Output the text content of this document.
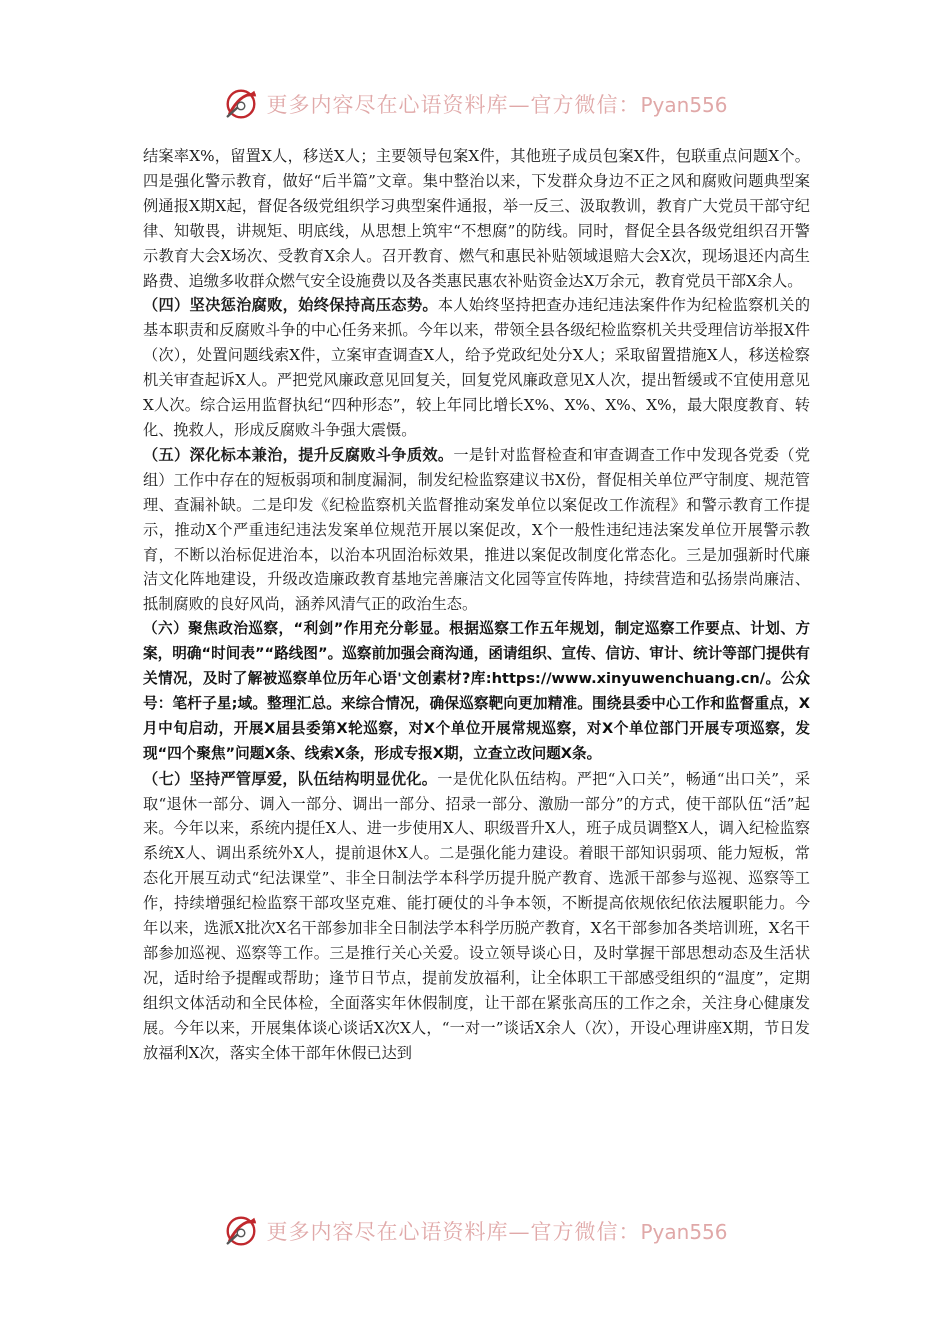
更多内容尽在心语资料库—官方微信：Pyan556

结案率X%，留置X人，移送X人；主要领导包案X件，其他班子成员包案X件，包联重点问题X个。四是强化警示教育，做好“后半篇”文章。集中整治以来，下发群众身边不正之风和腐败问题典型案例通报X期X起，督促各级党组织学习典型案件通报，举一反三、汲取教训，教育广大党员干部守纪律、知敬畏，讲规矩、明底线，从思想上筑牢“不想腐”的防线。同时，督促全县各级党组织召开警示教育大会X场次、受教育X余人。召开教育、燃气和惠民补贴领域退赔大会X次，现场退还内高生路费、追缴多收群众燃气安全设施费以及各类惠民惠农补贴资金达X万余元，教育党员干部X余人。

（四）坚决惩治腐败，始终保持高压态势。本人始终坚持把查办违纪违法案件作为纪检监察机关的基本职责和反腐败斗争的中心任务来抓。今年以来，带领全县各级纪检监察机关共受理信访举报X件（次），处置问题线索X件，立案审查调查X人，给予党政纪处分X人；采取留置措施X人，移送检察机关审查起诉X人。严把党风廉政意见回复关，回复党风廉政意见X人次，提出暂缓或不宜使用意见X人次。综合运用监督执纪“四种形态”，较上年同比增长X%、X%、X%、X%，最大限度教育、转化、挽救人，形成反腐败斗争强大震慑。

（五）深化标本兼治，提升反腐败斗争质效。一是针对监督检查和审查调查工作中发现各党委（党组）工作中存在的短板弱项和制度漏洞，制发纪检监察建议书X份，督促相关单位严守制度、规范管理、查漏补缺。二是印发《纪检监察机关监督推动案发单位以案促改工作流程》和警示教育工作提示，推动X个严重违纪违法发案单位规范开展以案促改，X个一般性违纪违法案发单位开展警示教育，不断以治标促进治本，以治本巩固治标效果，推进以案促改制度化常态化。三是加强新时代廉洁文化阵地建设，升级改造廉政教育基地完善廉洁文化园等宣传阵地，持续营造和弘扬崇尚廉洁、抵制腐败的良好风尚，涵养风清气正的政治生态。

（六）聚焦政治巡察，“利剑”作用充分彰显。根据巡察工作五年规划，制定巡察工作要点、计划、方案，明确“时间表”“路线图”。巡察前加强会商沟通，函请组织、宣传、信访、审计、统计等部门提供有关情况，及时了解被巡察单位历年心语'文创素材?库:https://www.xinyuwenchuang.cn/。公众号：笔杆子星;域。整理汇总。来综合情况，确保巡察靶向更加精准。围绕县委中心工作和监督重点，X月中旬启动，开展X届县委第X轮巡察，对X个单位开展常规巡察，对X个单位部门开展专项巡察，发现“四个聚焦”问题X条、线索X条，形成专报X期，立查立改问题X条。

（七）坚持严管厚爱，队伍结构明显优化。一是优化队伍结构。严把“入口关”，畅通“出口关”，采取“退休一部分、调入一部分、调出一部分、招录一部分、激励一部分”的方式，使干部队伍“活”起来。今年以来，系统内提任X人、进一步使用X人、职级晋升X人，班子成员调整X人，调入纪检监察系统X人、调出系统外X人，提前退休X人。二是强化能力建设。着眼干部知识弱项、能力短板，常态化开展互动式“纪法课堂”、非全日制法学本科学历提升脱产教育、选派干部参与巡视、巡察等工作，持续增强纪检监察干部攻坚克难、能打硬仗的斗争本领，不断提高依规依纪依法履职能力。今年以来，选派X批次X名干部参加非全日制法学本科学历脱产教育，X名干部参加各类培训班，X名干部参加巡视、巡察等工作。三是推行关心关爱。设立领导谈心日，及时掌握干部思想动态及生活状况，适时给予提醒或帮助；逢节日节点，提前发放福利，让全体职工干部感受组织的“温度”，定期组织文体活动和全民体检，全面落实年休假制度，让干部在紧张高压的工作之余，关注身心健康发展。今年以来，开展集体谈心谈话X次X人，“一对一”谈话X余人（次），开设心理讲座X期，节日发放福利X次，落实全体干部年休假已达到

更多内容尽在心语资料库—官方微信：Pyan556
